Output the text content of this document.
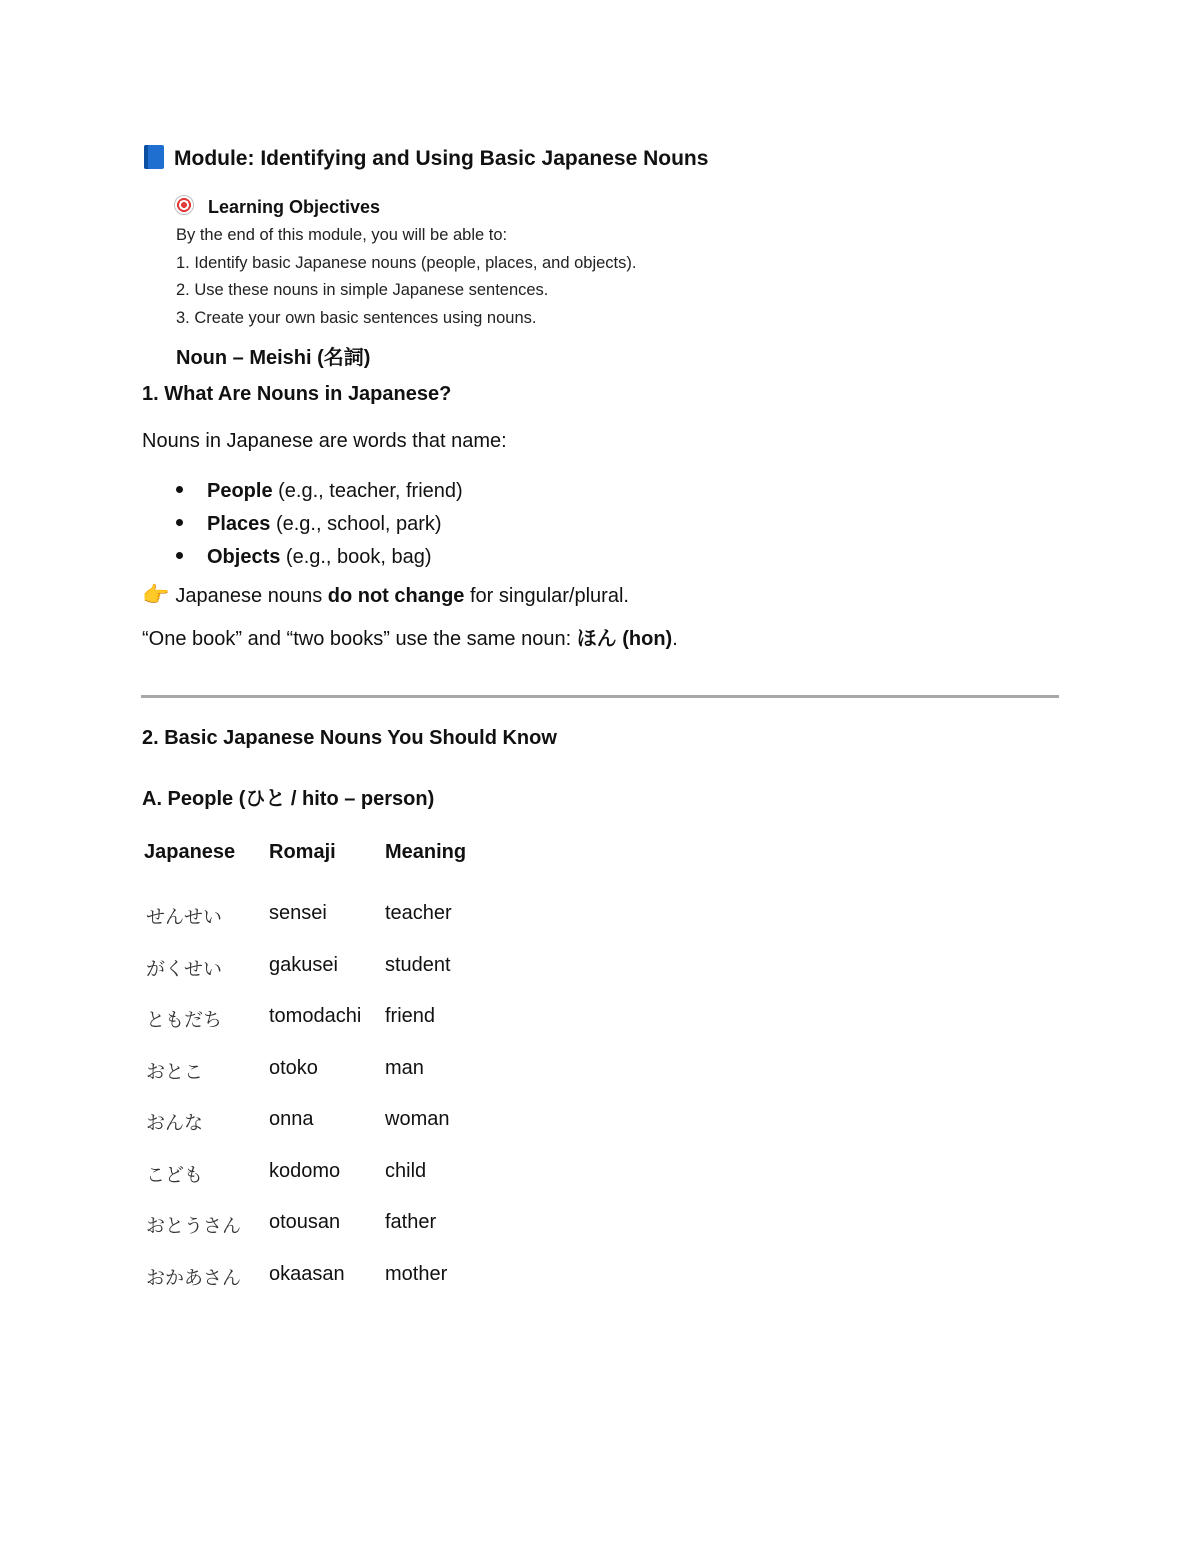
Module: Identifying and Using Basic Japanese Nouns
Learning Objectives
By the end of this module, you will be able to:
1. Identify basic Japanese nouns (people, places, and objects).
2. Use these nouns in simple Japanese sentences.
3. Create your own basic sentences using nouns.
Noun – Meishi (名詞)
1. What Are Nouns in Japanese?
Nouns in Japanese are words that name:
People (e.g., teacher, friend)
Places (e.g., school, park)
Objects (e.g., book, bag)
👉 Japanese nouns do not change for singular/plural.
“One book” and “two books” use the same noun: ほん (hon).
2. Basic Japanese Nouns You Should Know
A. People (ひと / hito – person)
Japanese Romaji Meaning
せんせい sensei	teacher
がくせい gakusei student
ともだち tomodachi friend
おとこ	otoko	man
おんな	onna	woman
こども	kodomo child
おとうさん otousan father
おかあさん okaasan mother
